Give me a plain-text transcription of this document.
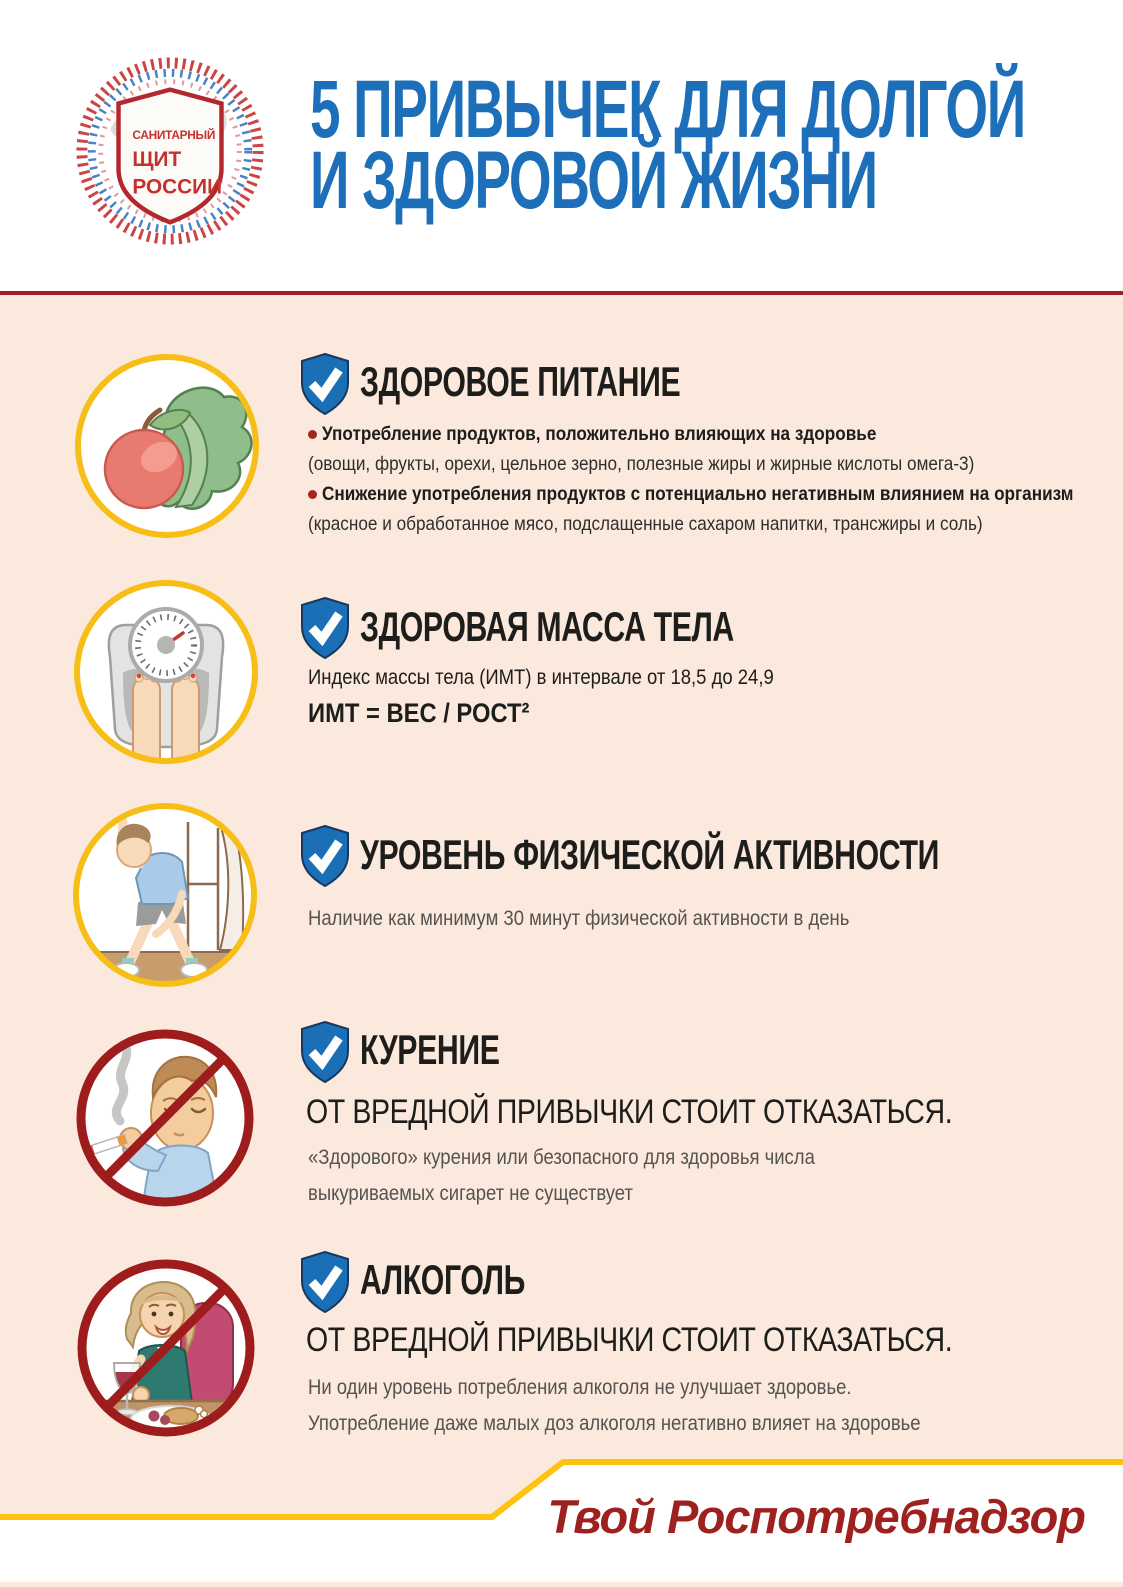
САНИТАРНЫЙ
ЩИТ
РОССИИ
5 ПРИВЫЧЕК ДЛЯ ДОЛГОЙ
И ЗДОРОВОЙ ЖИЗНИ
ЗДОРОВОЕ ПИТАНИЕ
Употребление продуктов, положительно влияющих на здоровье
(овощи, фрукты, орехи, цельное зерно, полезные жиры и жирные кислоты омега-3)
Снижение употребления продуктов с потенциально негативным влиянием на организм
(красное и обработанное мясо, подслащенные сахаром напитки, трансжиры и соль)
ЗДОРОВАЯ МАССА ТЕЛА
Индекс массы тела (ИМТ) в интервале от 18,5 до 24,9
ИМТ = ВЕС / РОСТ²
УРОВЕНЬ ФИЗИЧЕСКОЙ АКТИВНОСТИ
Наличие как минимум 30 минут физической активности в день
КУРЕНИЕ
ОТ ВРЕДНОЙ ПРИВЫЧКИ СТОИТ ОТКАЗАТЬСЯ.
«Здорового» курения или безопасного для здоровья числа
выкуриваемых сигарет не существует
АЛКОГОЛЬ
ОТ ВРЕДНОЙ ПРИВЫЧКИ СТОИТ ОТКАЗАТЬСЯ.
Ни один уровень потребления алкоголя не улучшает здоровье.
Употребление даже малых доз алкоголя негативно влияет на здоровье
Твой Роспотребнадзор
